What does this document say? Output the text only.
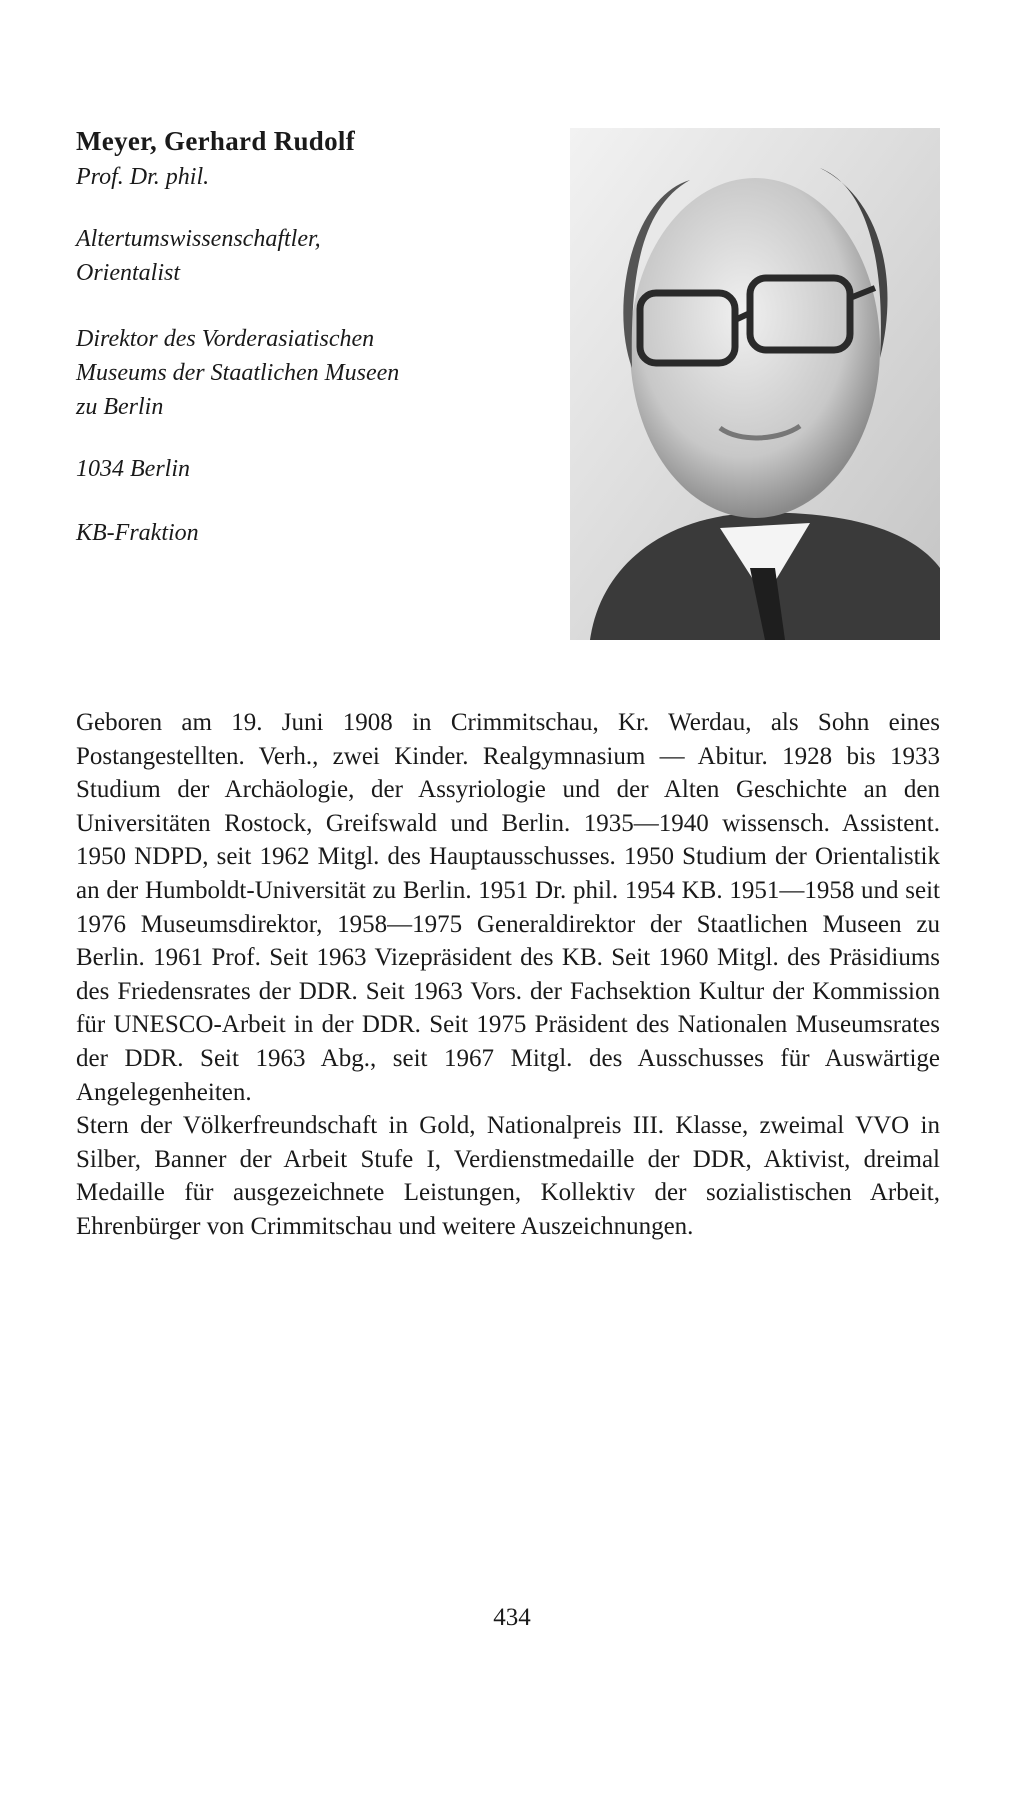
Meyer, Gerhard Rudolf
Prof. Dr. phil.
Altertumswissenschaftler,
Orientalist
Direktor des Vorderasiatischen
Museums der Staatlichen Museen
zu Berlin
1034 Berlin
KB-Fraktion

Geboren am 19. Juni 1908 in Crimmitschau, Kr. Werdau, als Sohn eines Postangestellten. Verh., zwei Kinder. Realgymnasium — Abitur. 1928 bis 1933 Studium der Archäologie, der Assyriologie und der Alten Geschichte an den Universitäten Rostock, Greifswald und Berlin. 1935—1940 wissensch. Assistent. 1950 NDPD, seit 1962 Mitgl. des Hauptausschusses. 1950 Studium der Orientalistik an der Humboldt-Universität zu Berlin. 1951 Dr. phil. 1954 KB. 1951—1958 und seit 1976 Museumsdirektor, 1958—1975 Generaldirektor der Staatlichen Museen zu Berlin. 1961 Prof. Seit 1963 Vizepräsident des KB. Seit 1960 Mitgl. des Präsidiums des Friedensrates der DDR. Seit 1963 Vors. der Fachsektion Kultur der Kommission für UNESCO-Arbeit in der DDR. Seit 1975 Präsident des Nationalen Museumsrates der DDR. Seit 1963 Abg., seit 1967 Mitgl. des Ausschusses für Auswärtige Angelegenheiten.

Stern der Völkerfreundschaft in Gold, Nationalpreis III. Klasse, zweimal VVO in Silber, Banner der Arbeit Stufe I, Verdienstmedaille der DDR, Aktivist, dreimal Medaille für ausgezeichnete Leistungen, Kollektiv der sozialistischen Arbeit, Ehrenbürger von Crimmitschau und weitere Auszeichnungen.

434
